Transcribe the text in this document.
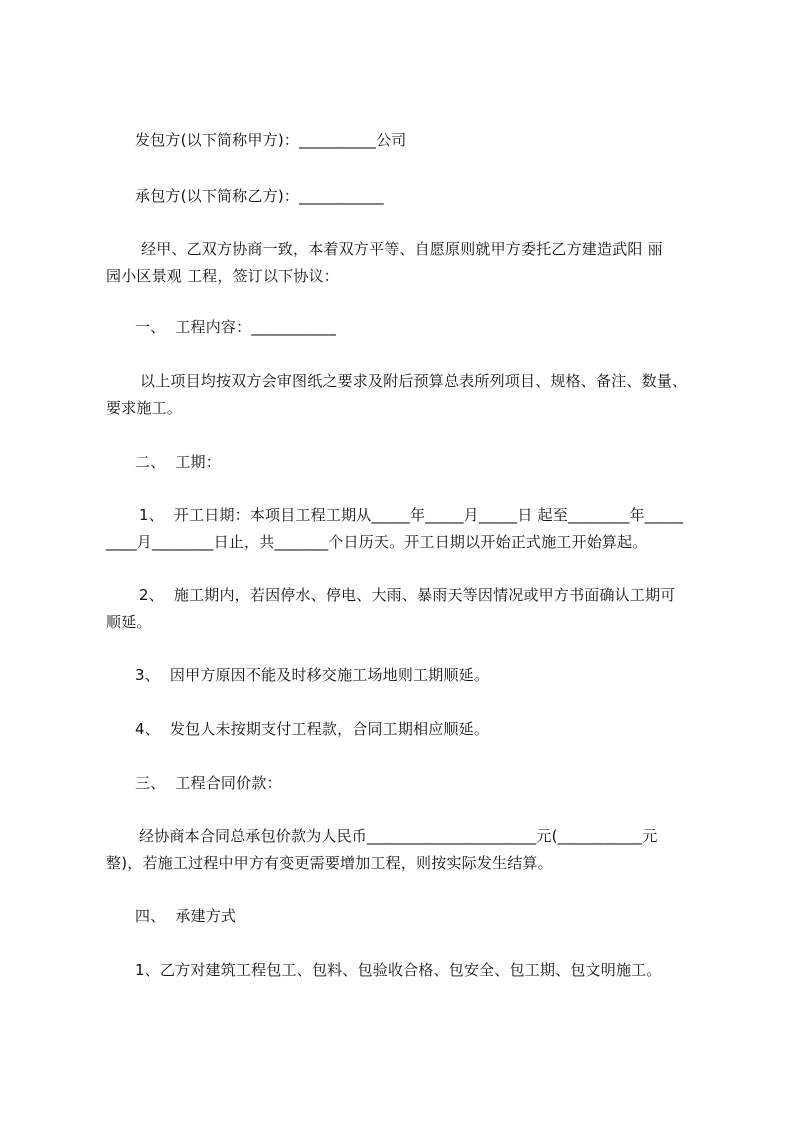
发包方(以下简称甲方)：__________公司

承包方(以下简称乙方)：___________

经甲、乙双方协商一致，本着双方平等、自愿原则就甲方委托乙方建造武阳 丽

园小区景观 工程，签订以下协议：

一、  工程内容：___________

以上项目均按双方会审图纸之要求及附后预算总表所列项目、规格、备注、数量、

要求施工。

二、  工期：

1、  开工日期：本项目工程工期从_____年_____月_____日 起至________年_____

____月________日止，共_______个日历天。开工日期以开始正式施工开始算起。

2、  施工期内，若因停水、停电、大雨、暴雨天等因情况或甲方书面确认工期可

顺延。

3、  因甲方原因不能及时移交施工场地则工期顺延。

4、  发包人未按期支付工程款，合同工期相应顺延。

三、  工程合同价款：

经协商本合同总承包价款为人民币______________________元(___________元

整)，若施工过程中甲方有变更需要增加工程，则按实际发生结算。

四、  承建方式

1、乙方对建筑工程包工、包料、包验收合格、包安全、包工期、包文明施工。
